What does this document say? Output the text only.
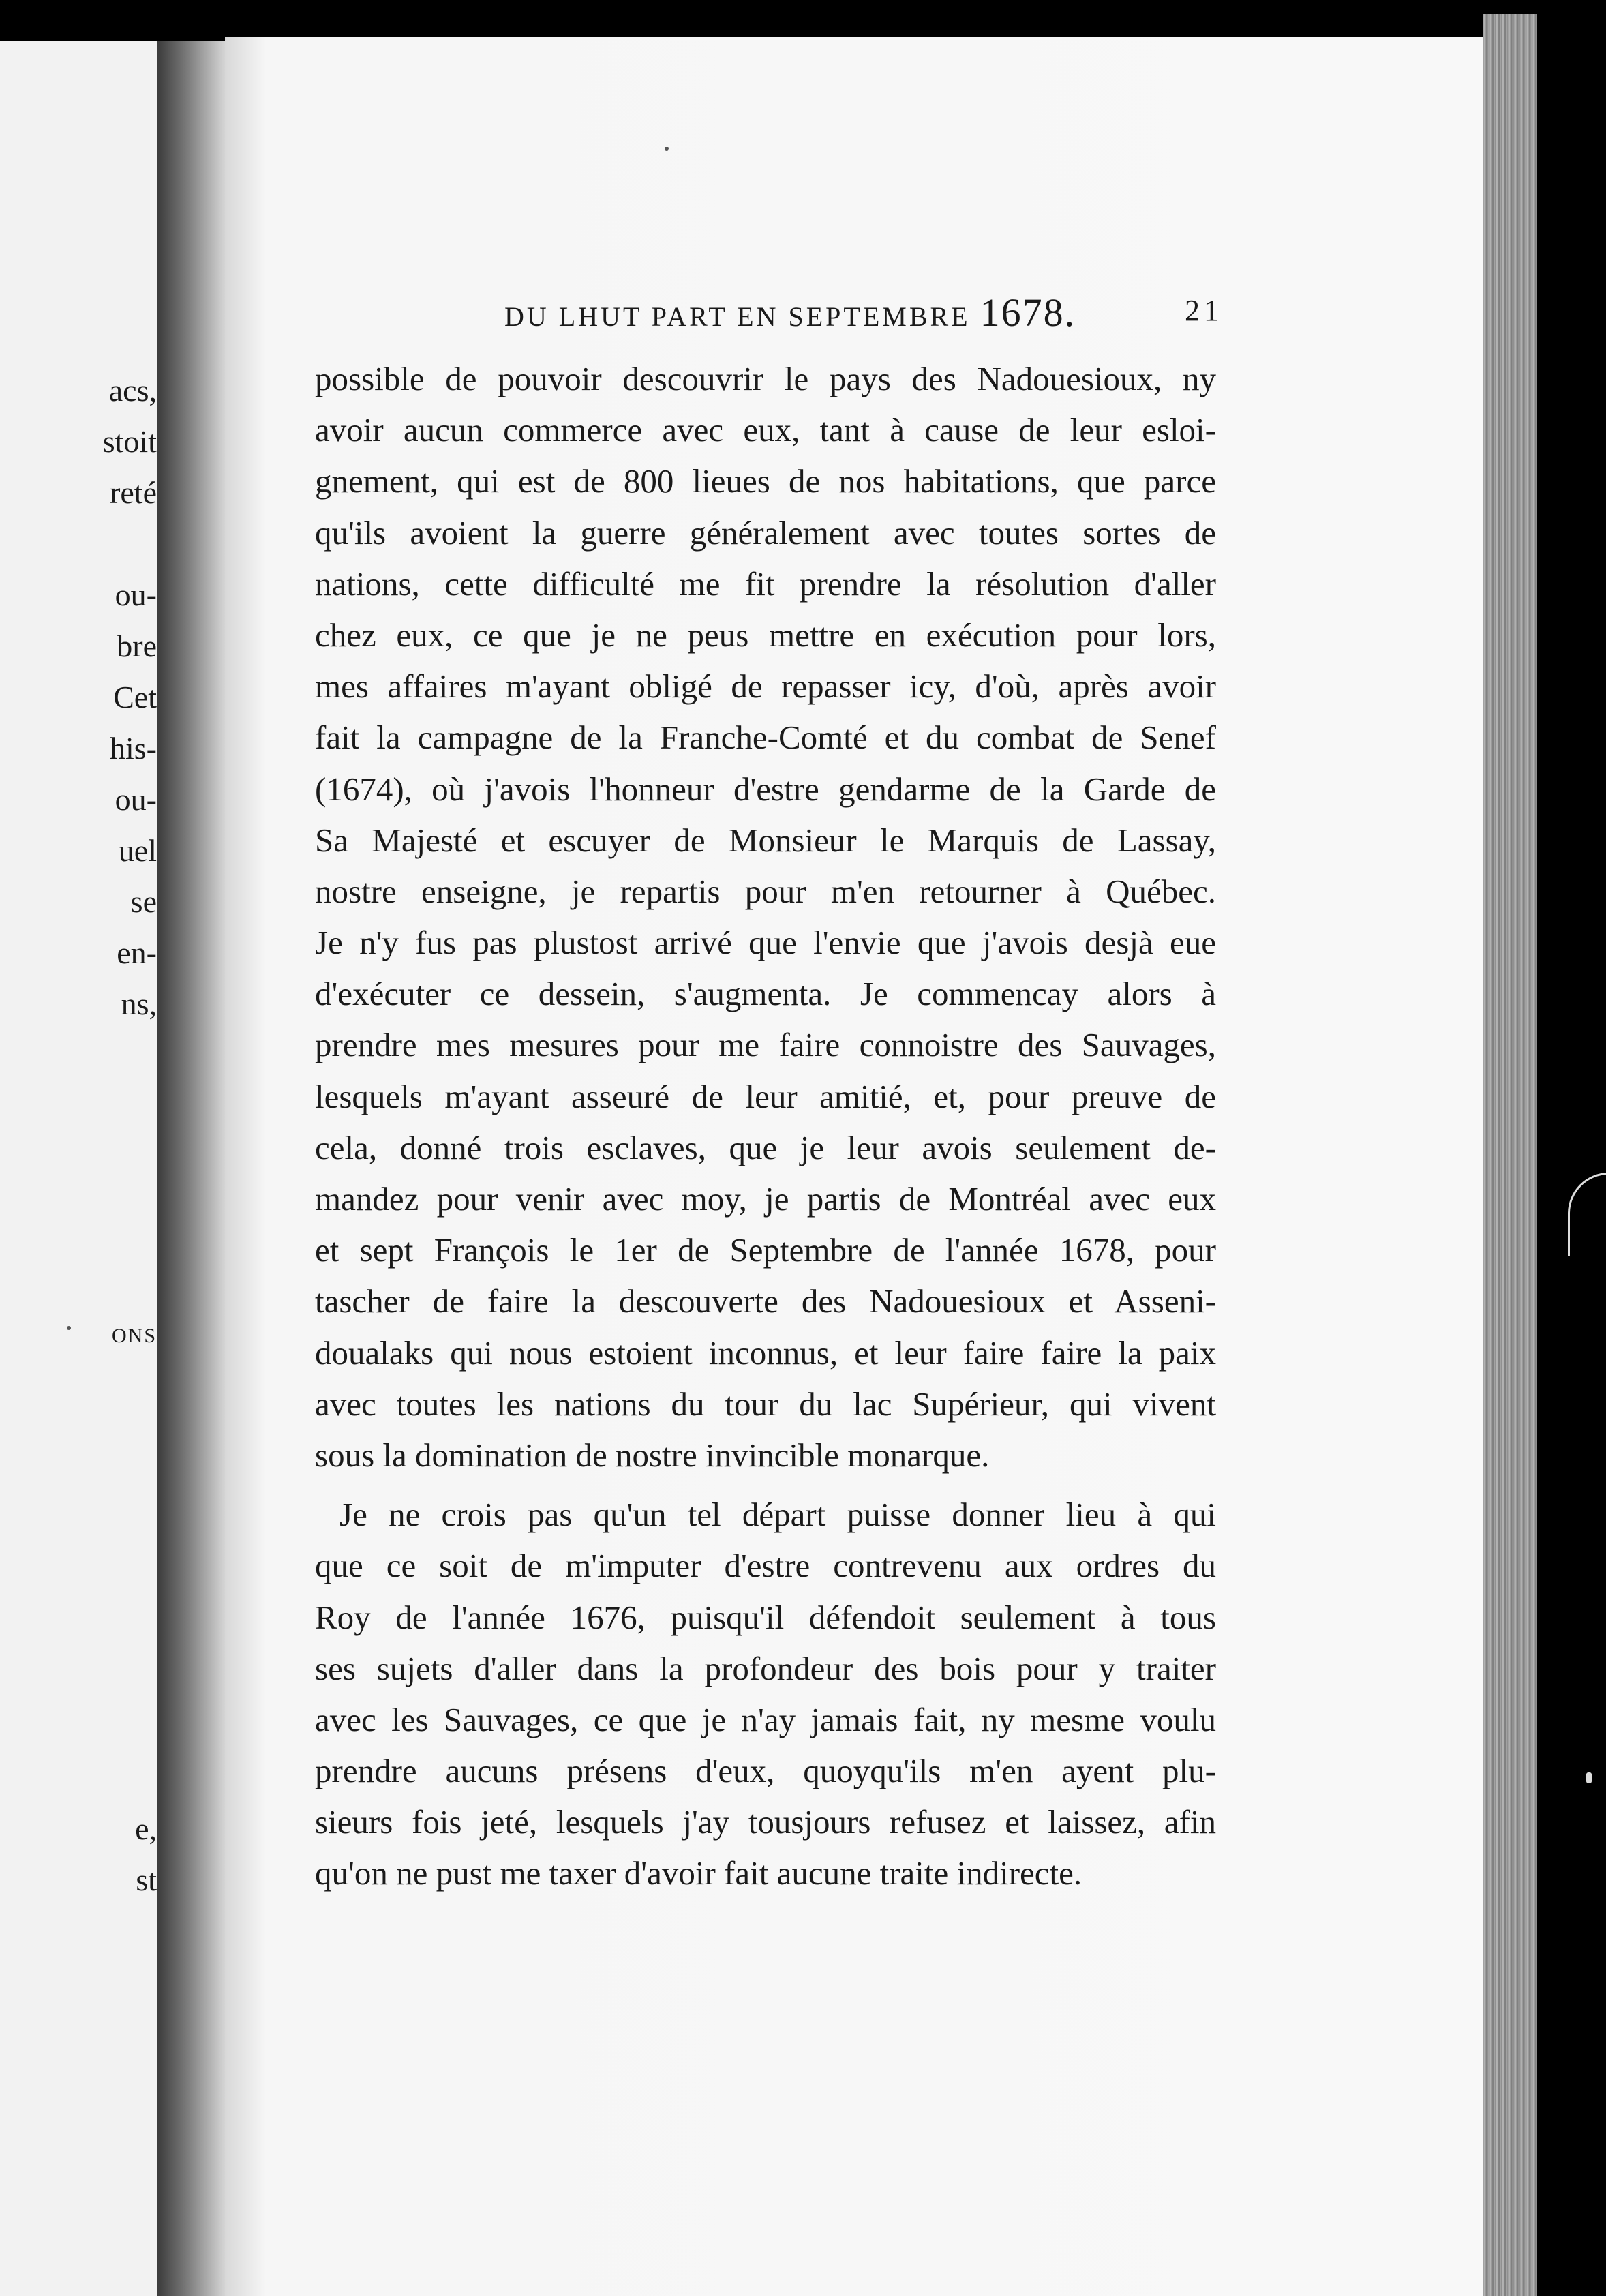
acs,
stoit
reté
ou-
bre
Cet
his-
ou-
uel
se
en-
ns,
ONS
e,
st
DU LHUT PART EN SEPTEMBRE 1678.	21
possible de pouvoir descouvrir le pays des Nadouesioux, ny
avoir aucun commerce avec eux, tant à cause de leur esloi-
gnement, qui est de 800 lieues de nos habitations, que parce
qu'ils avoient la guerre généralement avec toutes sortes de
nations, cette difficulté me fit prendre la résolution d'aller
chez eux, ce que je ne peus mettre en exécution pour lors,
mes affaires m'ayant obligé de repasser icy, d'où, après avoir
fait la campagne de la Franche-Comté et du combat de Senef
(1674), où j'avois l'honneur d'estre gendarme de la Garde de
Sa Majesté et escuyer de Monsieur le Marquis de Lassay,
nostre enseigne, je repartis pour m'en retourner à Québec.
Je n'y fus pas plustost arrivé que l'envie que j'avois desjà eue
d'exécuter ce dessein, s'augmenta. Je commencay alors à
prendre mes mesures pour me faire connoistre des Sauvages,
lesquels m'ayant asseuré de leur amitié, et, pour preuve de
cela, donné trois esclaves, que je leur avois seulement de-
mandez pour venir avec moy, je partis de Montréal avec eux
et sept François le 1er de Septembre de l'année 1678, pour
tascher de faire la descouverte des Nadouesioux et Asseni-
doualaks qui nous estoient inconnus, et leur faire faire la paix
avec toutes les nations du tour du lac Supérieur, qui vivent
sous la domination de nostre invincible monarque.
Je ne crois pas qu'un tel départ puisse donner lieu à qui
que ce soit de m'imputer d'estre contrevenu aux ordres du
Roy de l'année 1676, puisqu'il défendoit seulement à tous
ses sujets d'aller dans la profondeur des bois pour y traiter
avec les Sauvages, ce que je n'ay jamais fait, ny mesme voulu
prendre aucuns présens d'eux, quoyqu'ils m'en ayent plu-
sieurs fois jeté, lesquels j'ay tousjours refusez et laissez, afin
qu'on ne pust me taxer d'avoir fait aucune traite indirecte.
